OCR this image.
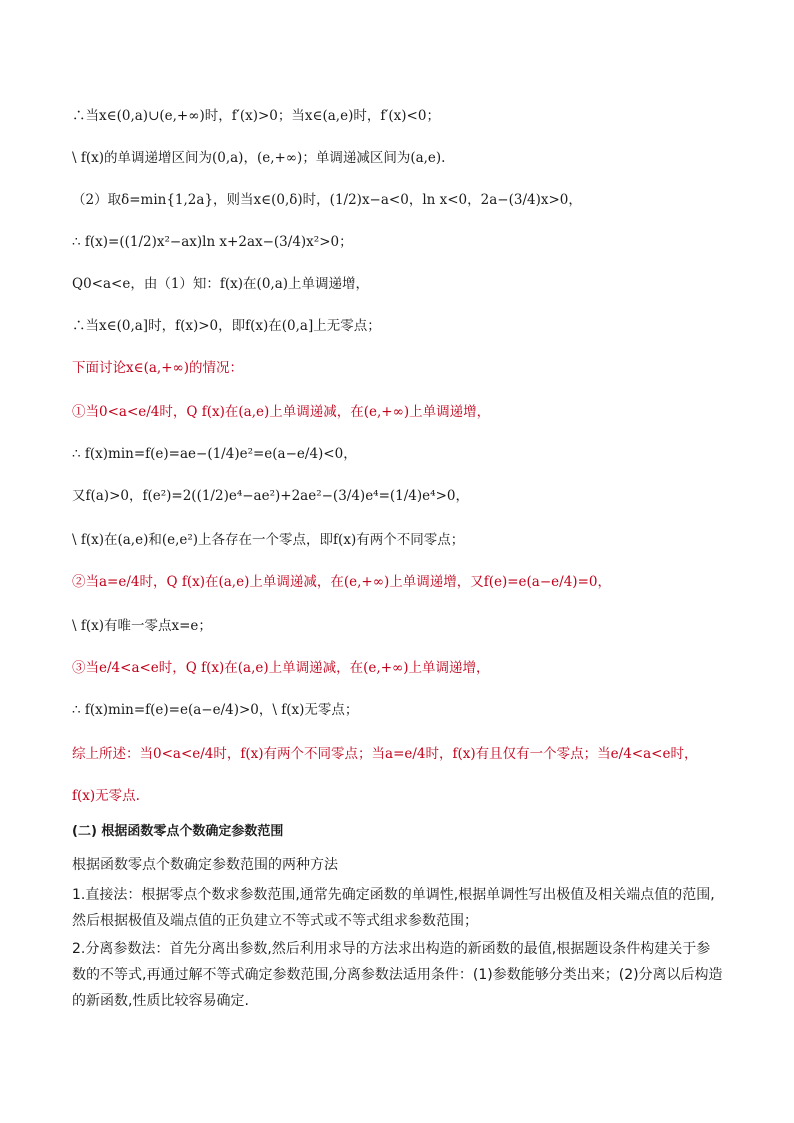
∴当x∈(0,a)∪(e,+∞)时，f′(x)>0；当x∈(a,e)时，f′(x)<0；
\ f(x)的单调递增区间为(0,a)，(e,+∞)；单调递减区间为(a,e).
（2）取δ=min{1,2a}，则当x∈(0,δ)时，(1/2)x−a<0，ln x<0，2a−(3/4)x>0，
∴ f(x)=((1/2)x²−ax)ln x+2ax−(3/4)x²>0；
Q0<a<e，由（1）知：f(x)在(0,a)上单调递增，
∴当x∈(0,a]时，f(x)>0，即f(x)在(0,a]上无零点；
下面讨论x∈(a,+∞)的情况：
①当0<a<e/4时，Q f(x)在(a,e)上单调递减，在(e,+∞)上单调递增，
∴ f(x)min=f(e)=ae−(1/4)e²=e(a−e/4)<0，
又f(a)>0，f(e²)=2((1/2)e⁴−ae²)+2ae²−(3/4)e⁴=(1/4)e⁴>0，
\ f(x)在(a,e)和(e,e²)上各存在一个零点，即f(x)有两个不同零点；
②当a=e/4时，Q f(x)在(a,e)上单调递减，在(e,+∞)上单调递增，又f(e)=e(a−e/4)=0，
\ f(x)有唯一零点x=e；
③当e/4<a<e时，Q f(x)在(a,e)上单调递减，在(e,+∞)上单调递增，
∴ f(x)min=f(e)=e(a−e/4)>0，\ f(x)无零点；
综上所述：当0<a<e/4时，f(x)有两个不同零点；当a=e/4时，f(x)有且仅有一个零点；当e/4<a<e时，
f(x)无零点.
(二) 根据函数零点个数确定参数范围
根据函数零点个数确定参数范围的两种方法
1.直接法：根据零点个数求参数范围,通常先确定函数的单调性,根据单调性写出极值及相关端点值的范围,然后根据极值及端点值的正负建立不等式或不等式组求参数范围；
2.分离参数法：首先分离出参数,然后利用求导的方法求出构造的新函数的最值,根据题设条件构建关于参数的不等式,再通过解不等式确定参数范围,分离参数法适用条件：(1)参数能够分类出来；(2)分离以后构造的新函数,性质比较容易确定.
